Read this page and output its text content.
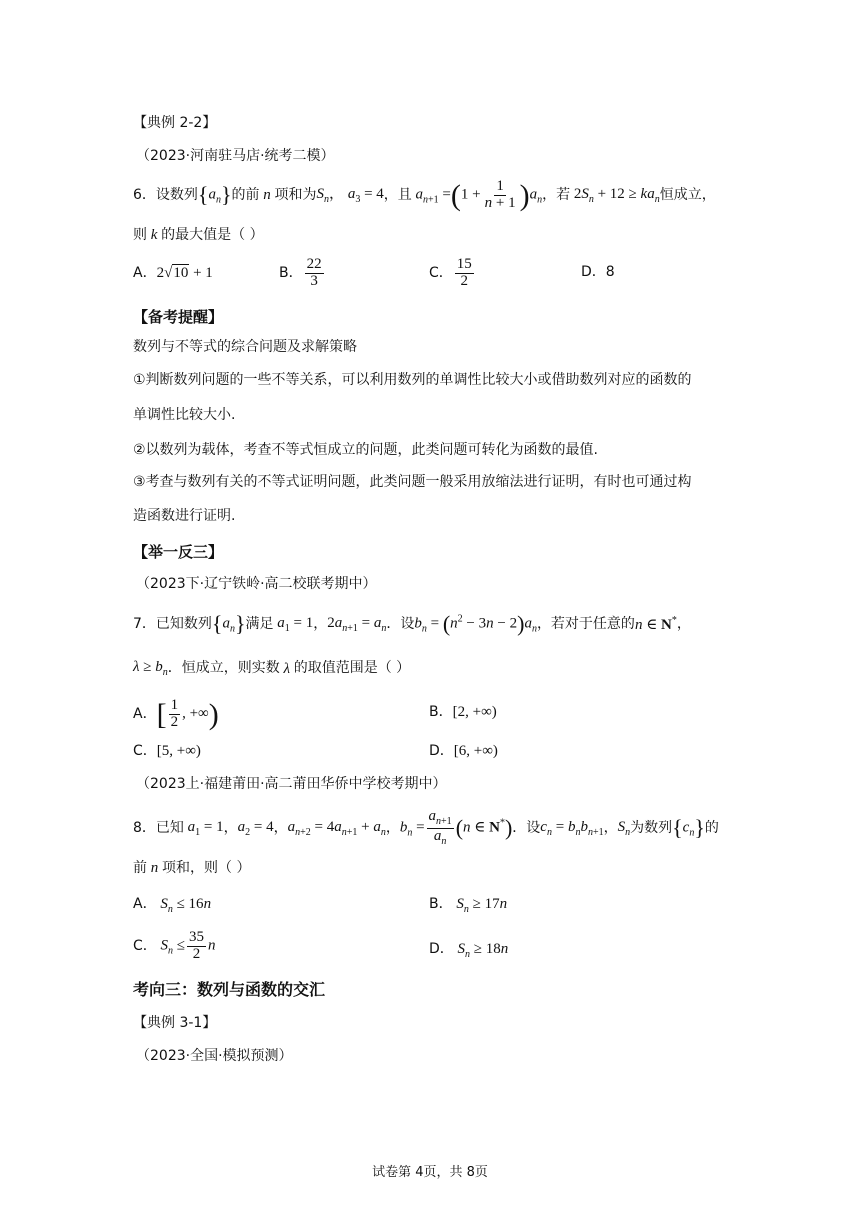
【典例 2-2】
（2023·河南驻马店·统考二模）
6．设数列 $\{a_n\}$ 的前 n 项和为 $S_n$， $a_3 = 4$ ，且 $a_{n+1} =(1 + \frac{1}{n + 1} )a_n$ ，若 $2S_n + 12 \ge ka_n$ 恒成立，
则 k 的最大值是（ ）
A． 2√10 + 1	B． $\frac{22}{3}$	C． $\frac{15}{2}$	D．8
【备考提醒】
数列与不等式的综合问题及求解策略
①判断数列问题的一些不等关系，可以利用数列的单调性比较大小或借助数列对应的函数的
单调性比较大小.
②以数列为载体，考查不等式恒成立的问题，此类问题可转化为函数的最值.
③考查与数列有关的不等式证明问题，此类问题一般采用放缩法进行证明，有时也可通过构
造函数进行证明.
【举一反三】
（2023下·辽宁铁岭·高二校联考期中）
7．已知数列 $\{a_n\}$ 满足 $a_1 = 1$ ， $2a_{n+1} = a_n$ ．设 $b_n = (n^2 - 3n - 2)a_n$ ，若对于任意的 n ∈ N* ，
$\lambda \ge b_n$ ．恒成立，则实数 λ 的取值范围是（ ）
A． [ $\frac{1}{2}$ , +∞)	B．[2, +∞)
C．[5, +∞)	D．[6, +∞)
（2023上·福建莆田·高二莆田华侨中学校考期中）
8．已知 $a_1 = 1$ ， $a_2 = 4$ ， $a_{n+2} = 4a_{n+1} + a_n$ ， $b_n = \frac{a_{n+1}}{a_n} (n$ ∈ N*) ．设 $c_n = b_nb_{n+1}$ ， $S_n$ 为数列 $\{c_n\}$ 的
前 n 项和，则（ ）
A． $S_n \le 16n$	B． $S_n \ge 17n$
C． $S_n \le \frac{35}{2}$ n	D． $S_n \ge 18n$
考向三：数列与函数的交汇
【典例 3-1】
（2023·全国·模拟预测）
试卷第 4页，共 8页
